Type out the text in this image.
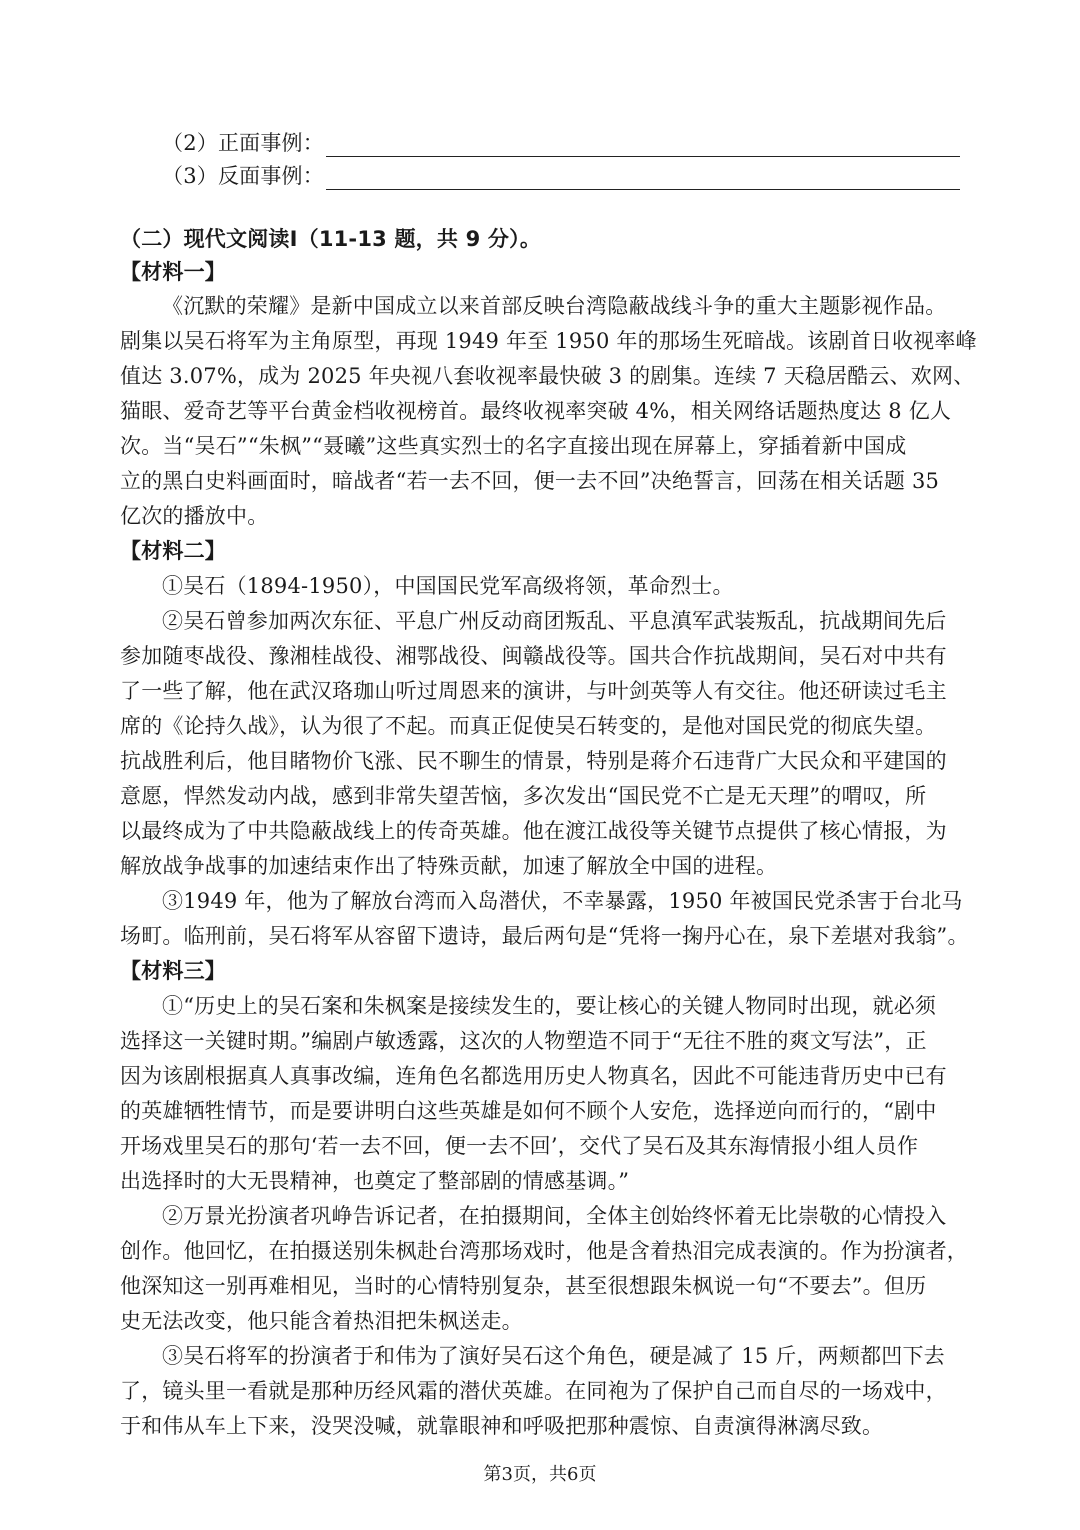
（2）正面事例：
（3）反面事例：
（二）现代文阅读Ⅰ（11-13 题，共 9 分）。
【材料一】
《沉默的荣耀》是新中国成立以来首部反映台湾隐蔽战线斗争的重大主题影视作品。
剧集以吴石将军为主角原型，再现 1949 年至 1950 年的那场生死暗战。该剧首日收视率峰
值达 3.07%，成为 2025 年央视八套收视率最快破 3 的剧集。连续 7 天稳居酷云、欢网、
猫眼、爱奇艺等平台黄金档收视榜首。最终收视率突破 4%，相关网络话题热度达 8 亿人
次。当“吴石”“朱枫”“聂曦”这些真实烈士的名字直接出现在屏幕上，穿插着新中国成
立的黑白史料画面时，暗战者“若一去不回，便一去不回”决绝誓言，回荡在相关话题 35
亿次的播放中。
【材料二】
①吴石（1894-1950），中国国民党军高级将领，革命烈士。
②吴石曾参加两次东征、平息广州反动商团叛乱、平息滇军武装叛乱，抗战期间先后
参加随枣战役、豫湘桂战役、湘鄂战役、闽赣战役等。国共合作抗战期间，吴石对中共有
了一些了解，他在武汉珞珈山听过周恩来的演讲，与叶剑英等人有交往。他还研读过毛主
席的《论持久战》，认为很了不起。而真正促使吴石转变的，是他对国民党的彻底失望。
抗战胜利后，他目睹物价飞涨、民不聊生的情景，特别是蒋介石违背广大民众和平建国的
意愿，悍然发动内战，感到非常失望苦恼，多次发出“国民党不亡是无天理”的喟叹，所
以最终成为了中共隐蔽战线上的传奇英雄。他在渡江战役等关键节点提供了核心情报，为
解放战争战事的加速结束作出了特殊贡献，加速了解放全中国的进程。
③1949 年，他为了解放台湾而入岛潜伏，不幸暴露，1950 年被国民党杀害于台北马
场町。临刑前，吴石将军从容留下遗诗，最后两句是“凭将一掬丹心在，泉下差堪对我翁”。
【材料三】
①“历史上的吴石案和朱枫案是接续发生的，要让核心的关键人物同时出现，就必须
选择这一关键时期。”编剧卢敏透露，这次的人物塑造不同于“无往不胜的爽文写法”，正
因为该剧根据真人真事改编，连角色名都选用历史人物真名，因此不可能违背历史中已有
的英雄牺牲情节，而是要讲明白这些英雄是如何不顾个人安危，选择逆向而行的，“剧中
开场戏里吴石的那句‘若一去不回，便一去不回’，交代了吴石及其东海情报小组人员作
出选择时的大无畏精神，也奠定了整部剧的情感基调。”
②万景光扮演者巩峥告诉记者，在拍摄期间，全体主创始终怀着无比崇敬的心情投入
创作。他回忆，在拍摄送别朱枫赴台湾那场戏时，他是含着热泪完成表演的。作为扮演者，
他深知这一别再难相见，当时的心情特别复杂，甚至很想跟朱枫说一句“不要去”。但历
史无法改变，他只能含着热泪把朱枫送走。
③吴石将军的扮演者于和伟为了演好吴石这个角色，硬是减了 15 斤，两颊都凹下去
了，镜头里一看就是那种历经风霜的潜伏英雄。在同袍为了保护自己而自尽的一场戏中，
于和伟从车上下来，没哭没喊，就靠眼神和呼吸把那种震惊、自责演得淋漓尽致。
第3页，共6页
